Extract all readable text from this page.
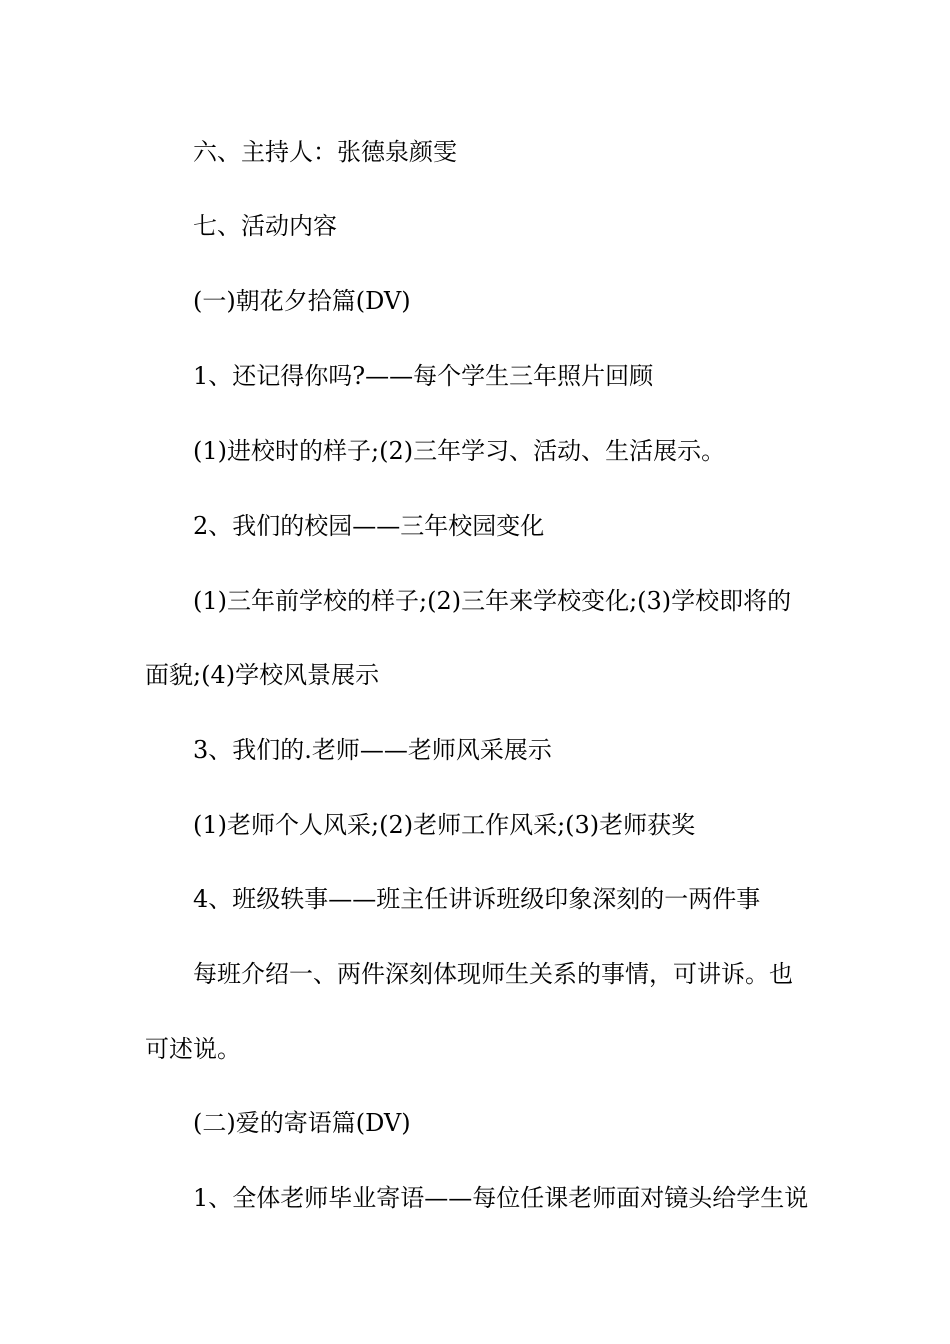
六、主持人：张德泉颜雯
七、活动内容
(一)朝花夕拾篇(DV)
1、还记得你吗?——每个学生三年照片回顾
(1)进校时的样子;(2)三年学习、活动、生活展示。
2、我们的校园——三年校园变化
(1)三年前学校的样子;(2)三年来学校变化;(3)学校即将的
面貌;(4)学校风景展示
3、我们的.老师——老师风采展示
(1)老师个人风采;(2)老师工作风采;(3)老师获奖
4、班级轶事——班主任讲诉班级印象深刻的一两件事
每班介绍一、两件深刻体现师生关系的事情，可讲诉。也
可述说。
(二)爱的寄语篇(DV)
1、全体老师毕业寄语——每位任课老师面对镜头给学生说
